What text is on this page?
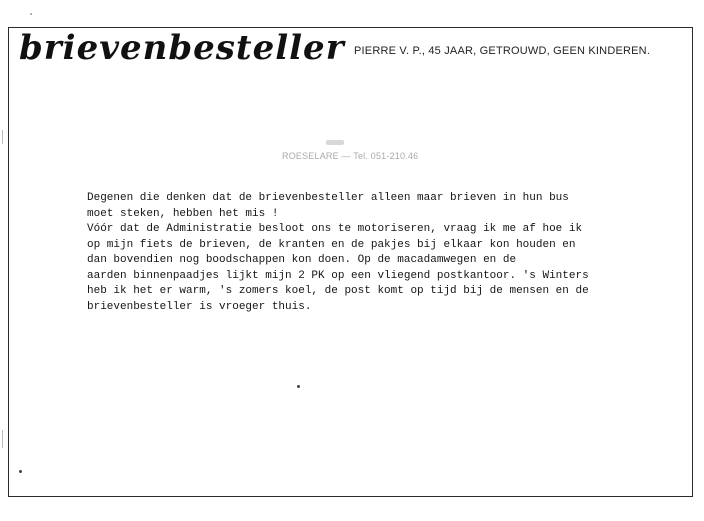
brievenbesteller PIERRE V. P., 45 JAAR, GETROUWD, GEEN KINDEREN.
ROESELARE — Tel. 051-210.46
Degenen die denken dat de brievenbesteller alleen maar brieven in hun bus
moet steken, hebben het mis !
Vóór dat de Administratie besloot ons te motoriseren, vraag ik me af hoe ik
op mijn fiets de brieven, de kranten en de pakjes bij elkaar kon houden en
dan bovendien nog boodschappen kon doen. Op de macadamwegen en de
aarden binnenpaadjes lijkt mijn 2 PK op een vliegend postkantoor. 's Winters
heb ik het er warm, 's zomers koel, de post komt op tijd bij de mensen en de
brievenbesteller is vroeger thuis.
